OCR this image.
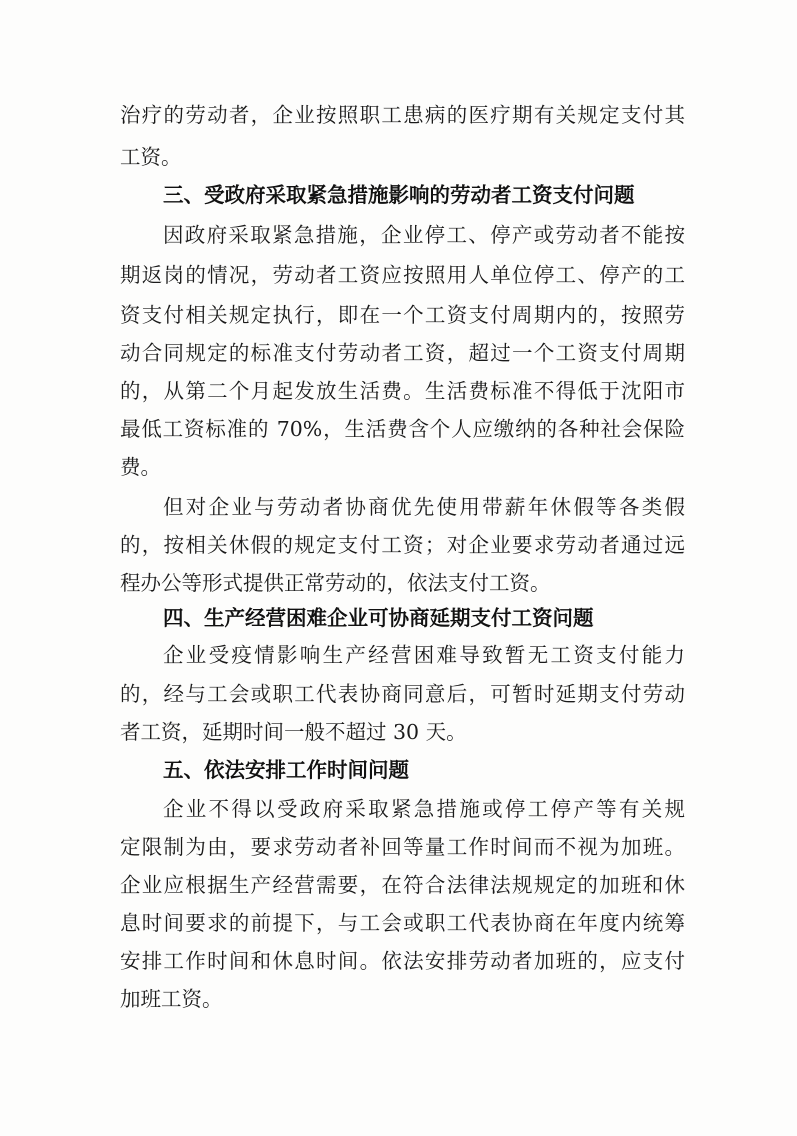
治疗的劳动者，企业按照职工患病的医疗期有关规定支付其
工资。
三、受政府采取紧急措施影响的劳动者工资支付问题
因政府采取紧急措施，企业停工、停产或劳动者不能按
期返岗的情况，劳动者工资应按照用人单位停工、停产的工
资支付相关规定执行，即在一个工资支付周期内的，按照劳
动合同规定的标准支付劳动者工资，超过一个工资支付周期
的，从第二个月起发放生活费。生活费标准不得低于沈阳市
最低工资标准的 70%，生活费含个人应缴纳的各种社会保险
费。
但对企业与劳动者协商优先使用带薪年休假等各类假
的，按相关休假的规定支付工资；对企业要求劳动者通过远
程办公等形式提供正常劳动的，依法支付工资。
四、生产经营困难企业可协商延期支付工资问题
企业受疫情影响生产经营困难导致暂无工资支付能力
的，经与工会或职工代表协商同意后，可暂时延期支付劳动
者工资，延期时间一般不超过 30 天。
五、依法安排工作时间问题
企业不得以受政府采取紧急措施或停工停产等有关规
定限制为由，要求劳动者补回等量工作时间而不视为加班。
企业应根据生产经营需要，在符合法律法规规定的加班和休
息时间要求的前提下，与工会或职工代表协商在年度内统筹
安排工作时间和休息时间。依法安排劳动者加班的，应支付
加班工资。
